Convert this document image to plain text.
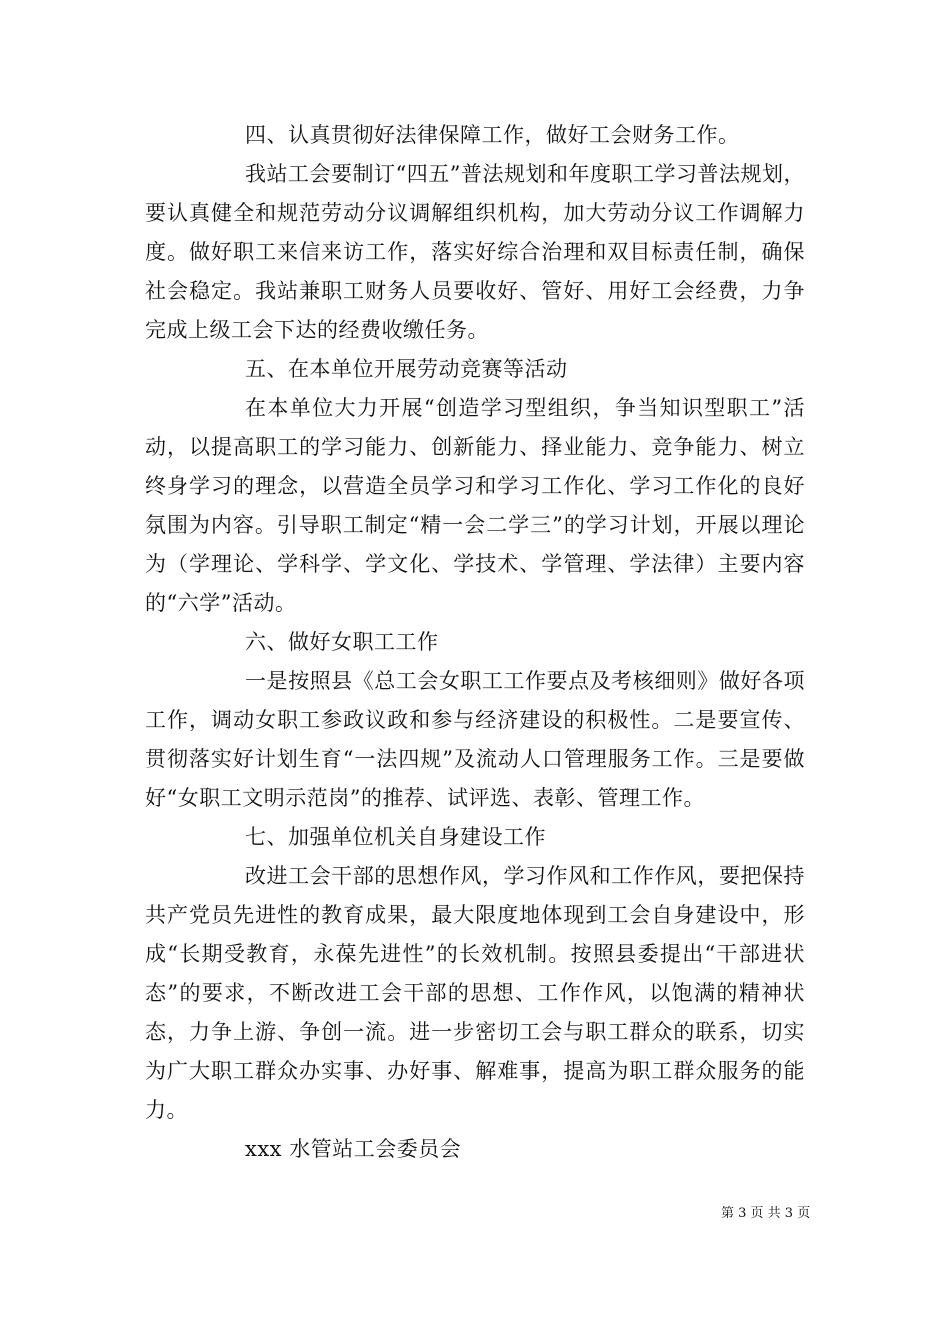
四、认真贯彻好法律保障工作，做好工会财务工作。

我站工会要制订“四五”普法规划和年度职工学习普法规划，要认真健全和规范劳动分议调解组织机构，加大劳动分议工作调解力度。做好职工来信来访工作，落实好综合治理和双目标责任制，确保社会稳定。我站兼职工财务人员要收好、管好、用好工会经费，力争完成上级工会下达的经费收缴任务。

五、在本单位开展劳动竞赛等活动

在本单位大力开展“创造学习型组织，争当知识型职工”活动，以提高职工的学习能力、创新能力、择业能力、竞争能力、树立终身学习的理念，以营造全员学习和学习工作化、学习工作化的良好氛围为内容。引导职工制定“精一会二学三”的学习计划，开展以理论为（学理论、学科学、学文化、学技术、学管理、学法律）主要内容的“六学”活动。

六、做好女职工工作

一是按照县《总工会女职工工作要点及考核细则》做好各项工作，调动女职工参政议政和参与经济建设的积极性。二是要宣传、贯彻落实好计划生育“一法四规”及流动人口管理服务工作。三是要做好“女职工文明示范岗”的推荐、试评选、表彰、管理工作。

七、加强单位机关自身建设工作

改进工会干部的思想作风，学习作风和工作作风，要把保持共产党员先进性的教育成果，最大限度地体现到工会自身建设中，形成“长期受教育，永葆先进性”的长效机制。按照县委提出“干部进状态”的要求，不断改进工会干部的思想、工作作风，以饱满的精神状态，力争上游、争创一流。进一步密切工会与职工群众的联系，切实为广大职工群众办实事、办好事、解难事，提高为职工群众服务的能力。

xxx 水管站工会委员会

第 3 页 共 3 页
